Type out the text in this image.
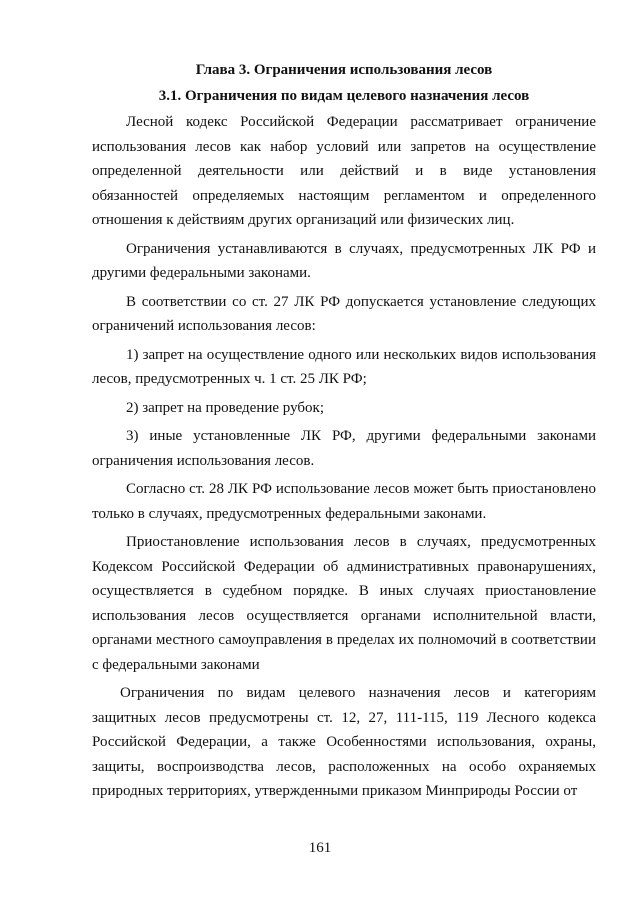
Глава 3. Ограничения использования лесов
3.1. Ограничения по видам целевого назначения лесов

Лесной кодекс Российской Федерации рассматривает ограничение использования лесов как набор условий или запретов на осуществление определенной деятельности или действий и в виде установления обязанностей определяемых настоящим регламентом и определенного отношения к действиям других организаций или физических лиц.

Ограничения устанавливаются в случаях, предусмотренных ЛК РФ и другими федеральными законами.

В соответствии со ст. 27 ЛК РФ допускается установление следующих ограничений использования лесов:

1) запрет на осуществление одного или нескольких видов использования лесов, предусмотренных ч. 1 ст. 25 ЛК РФ;

2) запрет на проведение рубок;

3) иные установленные ЛК РФ, другими федеральными законами ограничения использования лесов.

Согласно ст. 28 ЛК РФ использование лесов может быть приостановлено только в случаях, предусмотренных федеральными законами.

Приостановление использования лесов в случаях, предусмотренных Кодексом Российской Федерации об административных правонарушениях, осуществляется в судебном порядке. В иных случаях приостановление использования лесов осуществляется органами исполнительной власти, органами местного самоуправления в пределах их полномочий в соответствии с федеральными законами

Ограничения по видам целевого назначения лесов и категориям защитных лесов предусмотрены ст. 12, 27, 111-115, 119 Лесного кодекса Российской Федерации, а также Особенностями использования, охраны, защиты, воспроизводства лесов, расположенных на особо охраняемых природных территориях, утвержденными приказом Минприроды России от

161
